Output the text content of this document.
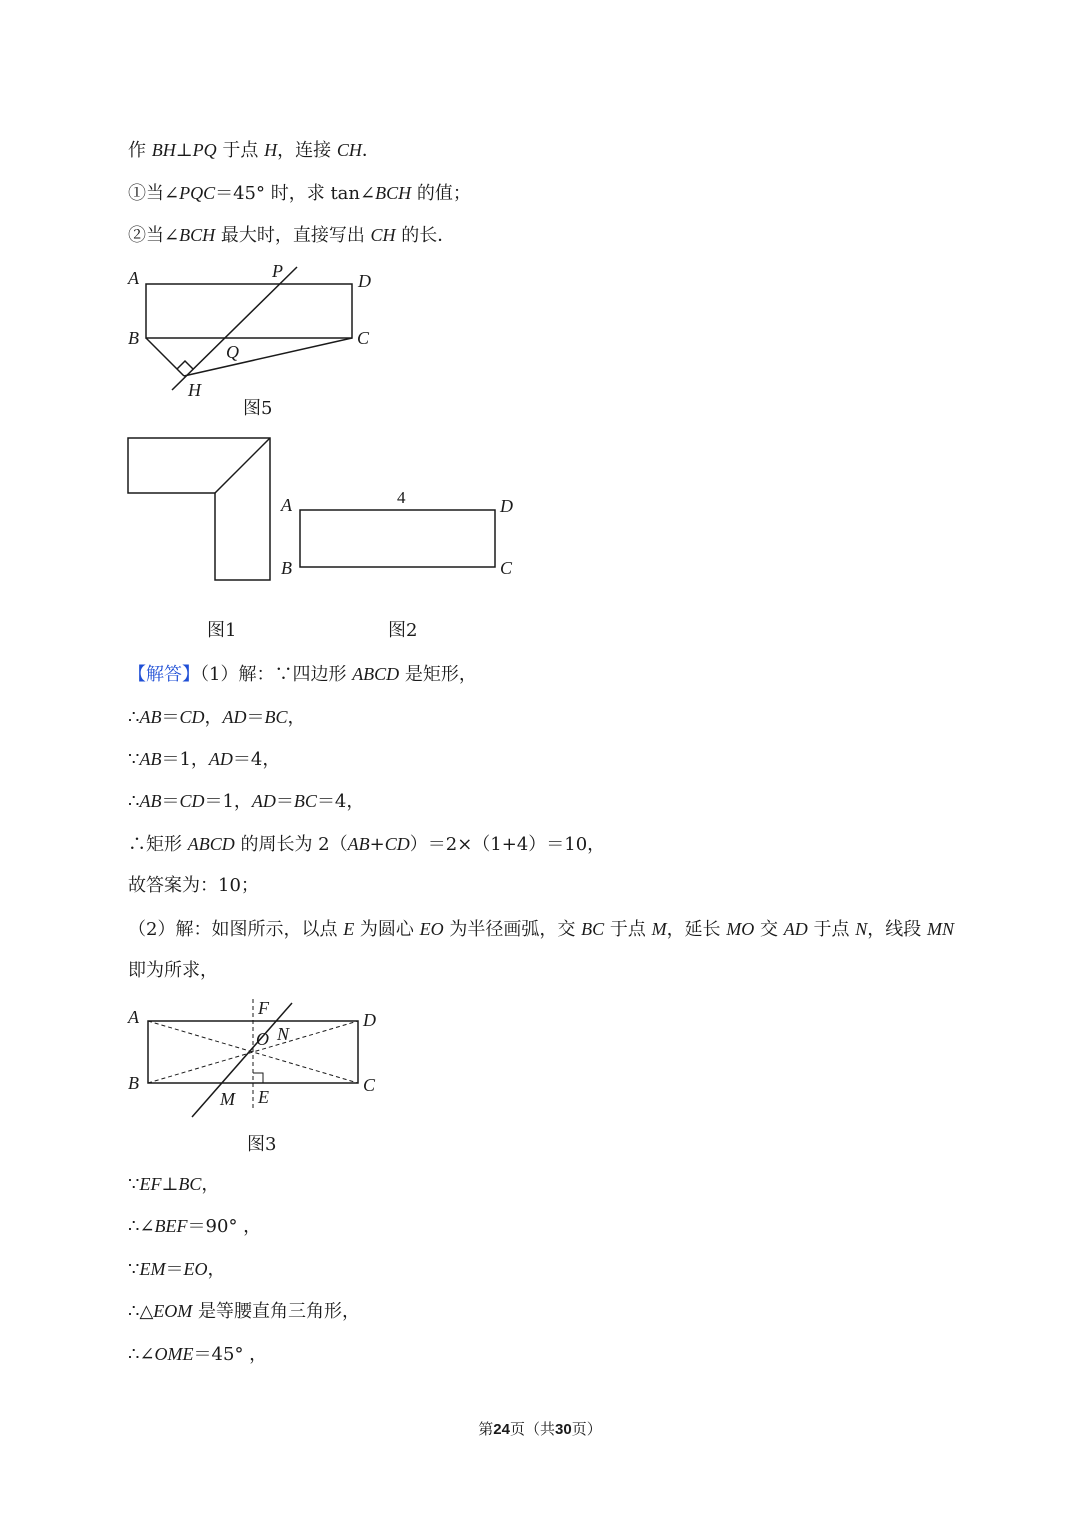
作 BH⊥PQ 于点 H，连接 CH．
①当∠PQC＝45° 时，求 tan∠BCH 的值；
②当∠BCH 最大时，直接写出 CH 的长．
A	D
B	C
P
Q
H
图5
图1
A	D
B	C
4
图2
【解答】（1）解：∵四边形 ABCD 是矩形，
∴AB＝CD，AD＝BC，
∵AB＝1，AD＝4，
∴AB＝CD＝1，AD＝BC＝4，
∴矩形 ABCD 的周长为 2（AB+CD）＝2×（1+4）＝10，
故答案为：10；
（2）解：如图所示，以点 E 为圆心 EO 为半径画弧，交 BC 于点 M，延长 MO 交 AD 于点 N，线段 MN
即为所求，
A	D
B	C
F
O N
M E
图3
∵EF⊥BC，
∴∠BEF＝90° ，
∵EM＝EO，
∴△EOM 是等腰直角三角形，
∴∠OME＝45° ，
第24页（共30页）
